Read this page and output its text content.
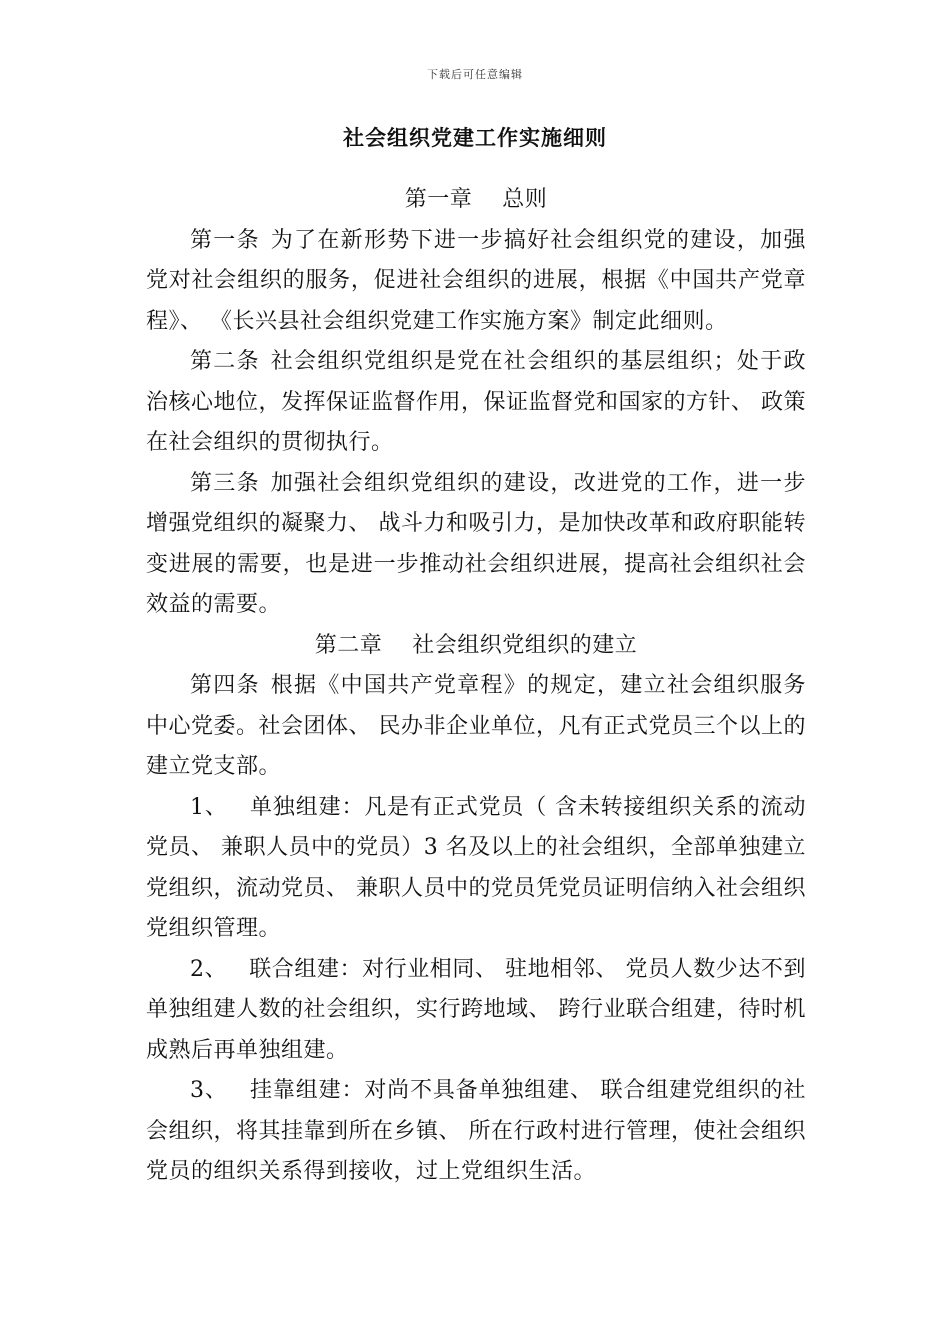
下载后可任意编辑
社会组织党建工作实施细则

第一章 总则

第一条 为了在新形势下进一步搞好社会组织党的建设，加强党对社会组织的服务，促进社会组织的进展，根据《中国共产党章程》、 《长兴县社会组织党建工作实施方案》制定此细则。

第二条 社会组织党组织是党在社会组织的基层组织；处于政治核心地位，发挥保证监督作用，保证监督党和国家的方针、 政策在社会组织的贯彻执行。

第三条 加强社会组织党组织的建设，改进党的工作，进一步增强党组织的凝聚力、 战斗力和吸引力，是加快改革和政府职能转变进展的需要，也是进一步推动社会组织进展，提高社会组织社会效益的需要。

第二章 社会组织党组织的建立

第四条 根据《中国共产党章程》的规定，建立社会组织服务中心党委。社会团体、 民办非企业单位，凡有正式党员三个以上的建立党支部。

1、 单独组建：凡是有正式党员（ 含未转接组织关系的流动党员、 兼职人员中的党员）3 名及以上的社会组织，全部单独建立党组织，流动党员、 兼职人员中的党员凭党员证明信纳入社会组织党组织管理。

2、 联合组建：对行业相同、 驻地相邻、 党员人数少达不到单独组建人数的社会组织，实行跨地域、 跨行业联合组建，待时机成熟后再单独组建。

3、 挂靠组建：对尚不具备单独组建、 联合组建党组织的社会组织，将其挂靠到所在乡镇、 所在行政村进行管理，使社会组织党员的组织关系得到接收，过上党组织生活。
